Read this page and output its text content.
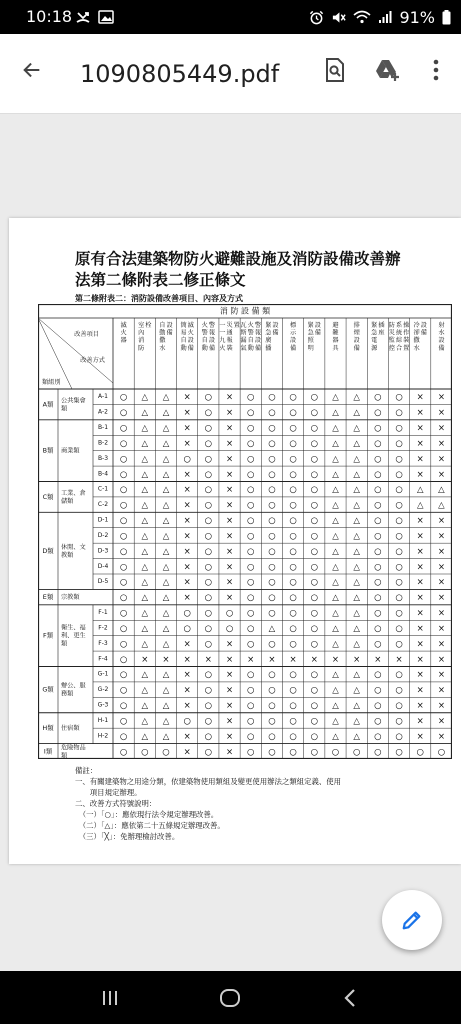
10:18	91%
1090805449.pdf
原有合法建築物防火避難設施及消防設備改善辦
法第二條附表二修正條文
第二條附表二：消防設備改善項目、內容及方式
消 防 設 備 類
改善項目
改善方式
類組別
滅火器
室內消防栓 自動撒水設備
簡易自動滅火設備
火警自動警報設備
一一九火災通報裝置 瓦斯漏氣火警自動警報設備
緊急廣播設備
標示設備
緊急照明設備
避難器具
排煙設備
緊急電源插座
防災監控系統綜合操作裝置
冷卻撒水設備
射水設備
A-1 ○ △ △ × ○ × ○ ○ ○ ○ △ △ ○ ○ × ×
A-2 ○ △ △ × ○ × ○ ○ ○ ○ △ △ ○ ○ × ×
A類 公共集會類
B-1 ○ △ △ × ○ × ○ ○ ○ ○ △ △ ○ ○ × ×
B-2 ○ △ △ × ○ × ○ ○ ○ ○ △ △ ○ ○ × ×
B-3 ○ △ △ ○ ○ × ○ ○ ○ ○ △ △ ○ ○ × ×
B-4 ○ △ △ × ○ × ○ ○ ○ ○ △ △ ○ ○ × ×
B類 商業類
C-1 ○ △ △ × ○ × ○ ○ ○ ○ △ △ ○ ○ △ △
C-2 ○ △ △ × ○ × ○ ○ ○ ○ △ △ ○ ○ △ △
C類 工業、倉儲類
D-1 ○ △ △ × ○ × ○ ○ ○ ○ △ △ ○ ○ × ×
D-2 ○ △ △ × ○ × ○ ○ ○ ○ △ △ ○ ○ × ×
D-3 ○ △ △ × ○ × ○ ○ ○ ○ △ △ ○ ○ × ×
D-4 ○ △ △ × ○ × ○ ○ ○ ○ △ △ ○ ○ × ×
D-5 ○ △ △ × ○ × ○ ○ ○ ○ △ △ ○ ○ × ×
D類 休閒、文教類
○ △ △ × ○ × ○ ○ ○ ○ △ △ ○ ○ × ×
E類 宗教類
F-1 ○ △ △ ○ ○ ○ ○ ○ ○ ○ △ △ ○ ○ × ×
F-2 ○ △ △ ○ ○ ○ ○ △ ○ ○ △ △ ○ ○ × ×
F-3 ○ △ △ × ○ × ○ ○ ○ ○ △ △ ○ ○ × ×
F-4 ○ × × × × × × × × × × × × × × ×
F類
衛生、福利、更生類
G-1 ○ △ △ × ○ × ○ ○ ○ ○ △ △ ○ ○ × ×
G-2 ○ △ △ × ○ × ○ ○ ○ ○ △ △ ○ ○ × ×
G-3 ○ △ △ × ○ × ○ ○ ○ ○ △ △ ○ ○ × ×
G類 辦公、服務類
H-1 ○ △ △ ○ ○ × ○ ○ ○ ○ △ △ ○ ○ × ×
H-2 ○ △ △ × ○ × ○ ○ ○ ○ △ △ ○ ○ × ×
H類 住宿類
○ ○ ○ × ○ × ○ ○ ○ ○ ○ ○ ○ ○ ○ ○
I類 危險物品類
備註：
一、有關建築物之用途分類，依建築物使用類組及變更使用辦法之類組定義、使用
　　項目規定辦理。
二、改善方式符號說明：
　（一）「○」：應依現行法令規定辦理改善。
　（二）「△」：應依第二十五條規定辦理改善。
　（三）「╳」：免辦理檢討改善。
